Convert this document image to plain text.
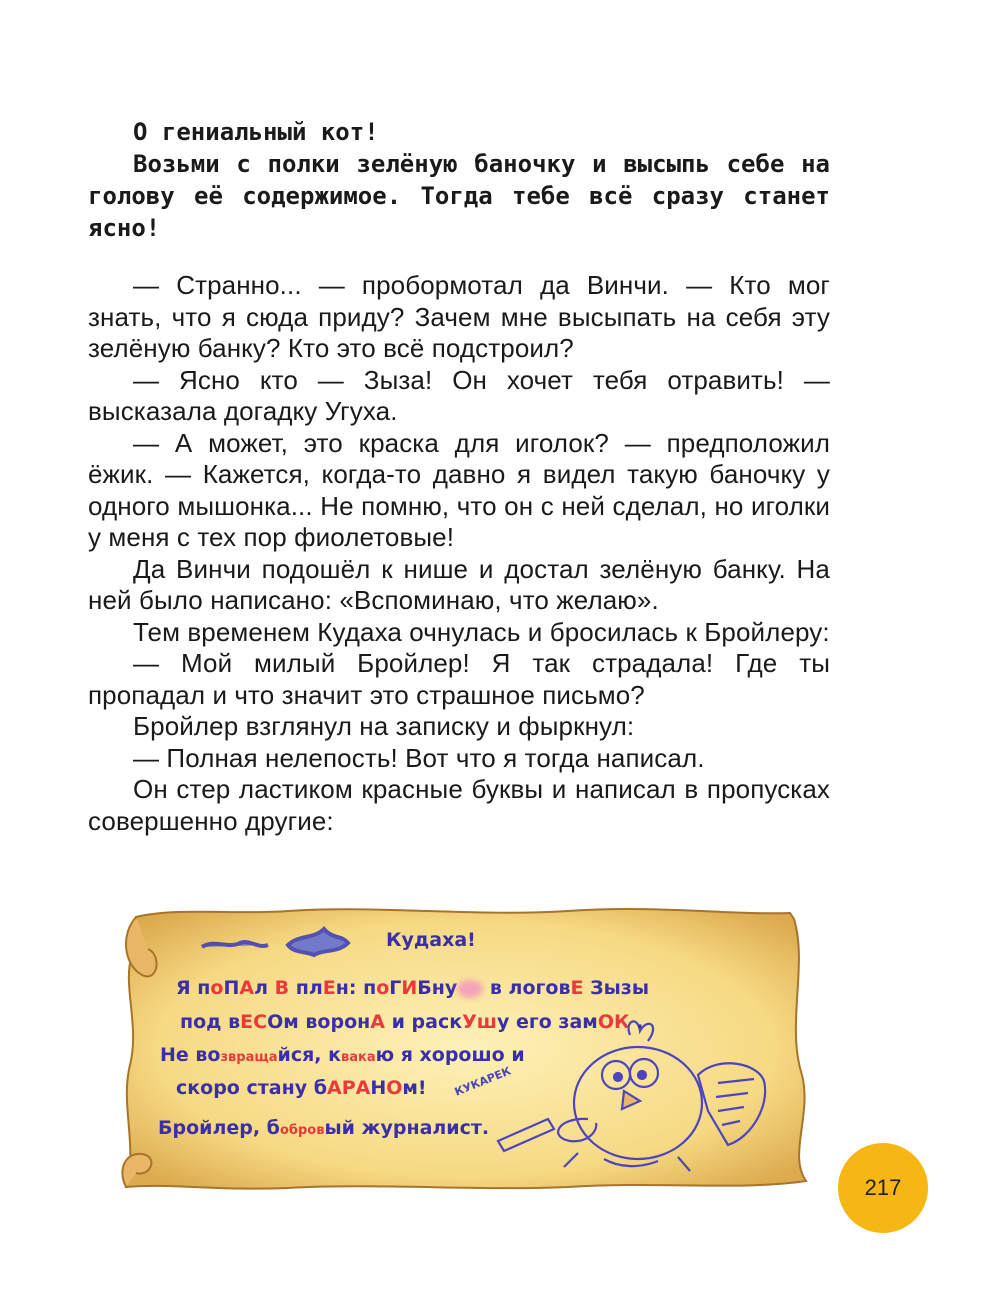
О гениальный кот!

Возьми с полки зелёную баночку и высыпь себе на голову её содержимое. Тогда тебе всё сразу станет ясно!

— Странно... — пробормотал да Винчи. — Кто мог знать, что я сюда приду? Зачем мне высыпать на себя эту зелёную банку? Кто это всё подстроил?

— Ясно кто — Зыза! Он хочет тебя отравить! — высказала догадку Угуха.

— А может, это краска для иголок? — предположил ёжик. — Кажется, когда-то давно я видел такую баночку у одного мышонка... Не помню, что он с ней сделал, но иголки у меня с тех пор фиолетовые!

Да Винчи подошёл к нише и достал зелёную банку. На ней было написано: «Вспоминаю, что желаю».

Тем временем Кудаха очнулась и бросилась к Бройлеру:

— Мой милый Бройлер! Я так страдала! Где ты пропадал и что значит это страшное письмо?

Бройлер взглянул на записку и фыркнул:

— Полная нелепость! Вот что я тогда написал.

Он стер ластиком красные буквы и написал в пропусках совершенно другие:

Кудаха!
Я поПАл В плЕн: поГИБну в логовЕ Зызы
под вЕСОм воронА и раскУшу его замОК .
Не возвращайся, квакаю я хорошо и
скоро стану бАРАНОм!
Бройлер, бобровый журналист.
КУКАРЕК
217
